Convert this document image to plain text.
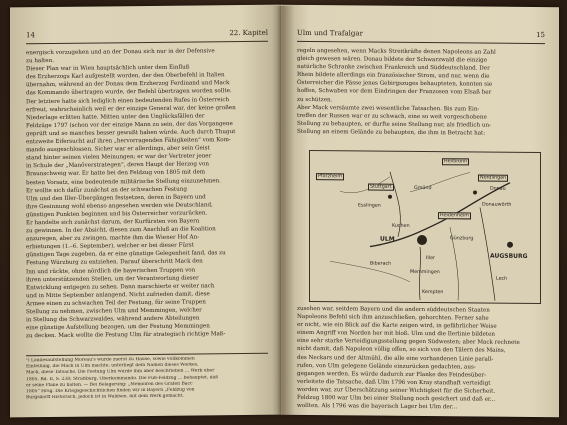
14	22. Kapitel
energisch vorzugehen und an der Donau sich nur in der Defensive
zu halten.
Dieser Plan war in Wien hauptsächlich unter dem Einfluß
des Erzherzogs Karl aufgestellt worden, der den Oberbefehl in Italien
übernahm, während an der Donau dem Erzherzog Ferdinand und Mack
das Kommando übertragen wurde, der Befehl übertragen worden sollte.
Der letztere hatte sich lediglich einen bedeutenden Rufes in Österreich
erfreut, wahrscheinlich weil er der einzige General war, der keine großen
Niederlage erlitten hatte. Mitten unter den Unglücksfällen der
Feldzüge 1797 (schon vor der einzige Mann zu sein, der das Vorgangene
geprüft und so manches besser gewußt haben würde. Auch durch Thugut
entzweite Eifersucht auf ihren „hervorragenden Fähigkeiten“ vom Kom-
mando ausgeschlossen. Sicher war er allerdings, aber sein Geist
stand hinter seinen vielen Meinungen; er war der Vertreter jener
in Schule der „Manöverstrategen“, deren Haupt der Herzog von
Braunschweig war. Er hatte bei den Feldzug von 1805 mit dem
besten Vorsatz, eine bedeutende militärische Stellung einzunehmen.
Er wollte sich dafür zunächst an der schwachen Festung
Ulm und den Iller-Übergängen festsetzen, deren in Bayern und
ihre Gesinnung wohl ebenso angesehen werden wie Deutschland,
günstigen Punkten beginnen und bis Österreicher vorzurücken.
Er handelte sich zunächst darum, der Kurfürsten von Bayern
zu gewinnen. In der Absicht, diesen zum Anschluß an die Koalition
anzuregen, aber zu zwingen, machte ihm die Wiener Hof An-
erbietungen (1.–6. September), welcher er bei dieser Fürst
günstigen Tage zugeben, da er eine günstige Gelegenheit fand, das zu
Festung Würzburg zu entziehen. Darauf überschritt Mack den
Inn und rückte, ohne nördlich die bayerischen Truppen von
ihren unterstützenden Stellen, um der Verantwortung dieser
Entwicklung entgegen zu sehen. Dann marschierte er weiter nach
und in Mitte September anlangend. Nicht zufrieden damit, diese
Armee einen zu schwachen Teil der Festung, für seine Truppen
Stellung zu nehmen, zwischen Ulm und Memmingen, welcher
in Stellung die Schwarzwaldes, während andere Abteilungen
eine günstige Aufstellung bezogen, um der Festung Memmingen
zu decken. Mack wollte die Festung Ulm für strategisch richtige Maß-
¹) Landesaufstellung Moreau's wurde zuerst zu Hause, sowie vollkommen
Einteilung, die Mack in Ulm machte, unterliegt dem Namen dieses Werkes,
Mack, diese Tatsache. Die Festung Ulm wurde ihm aber beschrieben ... Werk über
1805, Bd. II, S. 238; Straßburg, Oberkommando. Die Fuß-Feldzug ... behauptet, daß
er seine Pläne zu halten. — Bei Belagerung: „Memoiren des Grafen Bacc
1805“ Hrsg. Die Kriegsgeschichtlichen finden wir in Bayern „Feldzug von
Burgsdorff Historisch, jedoch ist in Waldsee, mit dem Werk gemacht.
Ulm und Trafalgar	15
regeln angesehen, wenn Macks Streitkräfte denen Napoleons an Zahl
gleich gewesen wären. Donau bildete der Schwarzwald die einzige
natürliche Schranke zwischen Frankreich und Süddeutschland. Der
Rhein bildete allerdings ein französischer Strom, und nur, wenn die
Österreicher die Pässe jenes Gebirgszuges behaupteten, konnten sie
hoffen, Schwaben vor dem Eindringen der Franzosen vom Elsaß her
zu schützen.
Aber Mack versäumte zwei wesentliche Tatsachen. Bis zum Ein-
treffen der Russen war er zu schwach, eine so weit vorgeschobene
Stellung zu behaupten, er durfte seine Stellung nur, als friedlich un-
Stellung an einem Gelände zu behaupten, die ihm in Betracht hat:
Heilbronn
Pforzheim
Stuttgart
Esslingen
Nördlingen
Gmünd
Heidenheim
Donauwörth
Kuchen
ULM	Günzburg
Biberach
Memmingen
AUGSBURG
Kempten
Iller
Lech
Donau
zusehen war, seitdem Bayern und die andern süddeutschen Staaten
Napoleons Befehl sich ihm anzuschließen, gehorchten. Ferner sahe
er nicht, wie ein Blick auf die Karte zeigen wird, in gefährlicher Weise
einem Angriff von Norden her mit bloß. Ulm und die Ilerlinie bildeten
eine sehr starke Verteidigungsstellung gegen Südwesten; aber Mack rechnete
nicht damit, daß Napoleon völlig offen, so sich von den Tälern des Mains,
des Neckars und der Altmühl, die alle eine vorhandenen Linie parall-
rufen, von Ulm gelegene Gelände einzurücken gedachten, aus-
gegangen werden. Es würde dadurch zur Flanke des Feindesüber-
verleitete die Tatsache, daß Ulm 1796 von Kray standhaft verteidigt
worden war, zur Überschätzung seiner Wichtigkeit für die Sicherheit.
Feldzug 1800 war Ulm bei einer Stellung noch gesichert und daß er...
wollten. Als 1796 was die bayerisch Lager bei Ulm der...
